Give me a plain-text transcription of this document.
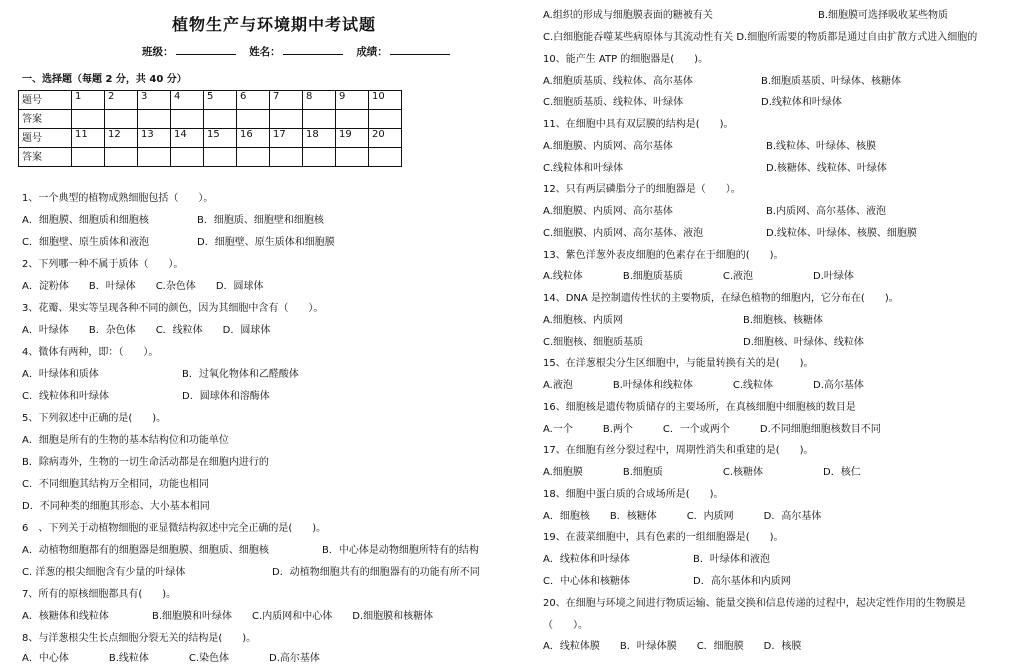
植物生产与环境期中考试题
班级：	姓名：	成绩：
一、选择题（每题 2 分，共 40 分）
题号	1	2	3	4	5	6	7	8	9	10
答案										
题号	11	12	13	14	15	16	17	18	19	20
答案										
1、一个典型的植物成熟细胞包括（　　）。
A．细胞膜、细胞质和细胞核	B．细胞质、细胞壁和细胞核
C．细胞壁、原生质体和液泡	D．细胞壁、原生质体和细胞膜
2、下列哪一种不属于质体（　　）。
A．淀粉体　　B．叶绿体　　C.杂色体　　D．圆球体
3、花瓣、果实等呈现各种不同的颜色，因为其细胞中含有（　　）。
A．叶绿体　　B．杂色体　　C．线粒体　　D．圆球体
4、微体有两种，即：（　　）。
A．叶绿体和质体	B．过氧化物体和乙醛酸体
C．线粒体和叶绿体	D．圆球体和溶酶体
5、下列叙述中正确的是(　　)。
A．细胞是所有的生物的基本结构位和功能单位
B．除病毒外，生物的一切生命活动都是在细胞内进行的
C．不同细胞其结构万全相同，功能也相同
D．不同种类的细胞其形态、大小基本相同
6　、下列关于动植物细胞的亚显微结构叙述中完全正确的是(　　)。
A．动植物细胞都有的细胞器是细胞膜、细胞质、细胞核	B．中心体是动物细胞所特有的结构
C. 洋葱的根尖细胞含有少量的叶绿体	D．动植物细胞共有的细胞器有的功能有所不同
7、所有的原核细胞都具有(　　)。
A．核糖体和线粒体	B.细胞膜和叶绿体　　C.内质网和中心体　　D.细胞膜和核糖体
8、与洋葱根尖生长点细胞分裂无关的结构是(　　)。
A．中心体　　　　B.线粒体　　　　C.染色体　　　　D.高尔基体
A.组织的形成与细胞膜表面的糖被有关	B.细胞膜可选择吸收某些物质
C.白细胞能吞噬某些病原体与其流动性有关 D.细胞所需要的物质都是通过自由扩散方式进入细胞的
10、能产生 ATP 的细胞器是(　　)。
A.细胞质基质、线粒体、高尔基体	B.细胞质基质、叶绿体、核糖体
C.细胞质基质、线粒体、叶绿体	D.线粒体和叶绿体
11、在细胞中具有双层膜的结构是(　　)。
A.细胞膜、内质网、高尔基体	B.线粒体、叶绿体、核膜
C.线粒体和叶绿体	D.核糖体、线粒体、叶绿体
12、只有两层磷脂分子的细胞器是（　　）。
A.细胞膜、内质网、高尔基体	B.内质网、高尔基体、液泡
C.细胞膜、内质网、高尔基体、液泡	D.线粒体、叶绿体、核膜、细胞膜
13、紫色洋葱外表皮细胞的色素存在于细胞的(　　)。
A.线粒体　　　　B.细胞质基质　　　　C.液泡　　　　　　D.叶绿体
14、DNA 是控制遗传性状的主要物质，在绿色植物的细胞内，它分布在(　　)。
A.细胞核、内质网	B.细胞核、核糖体
C.细胞核、细胞质基质	D.细胞核、叶绿体、线粒体
15、在洋葱根尖分生区细胞中，与能量转换有关的是(　　)。
A.液泡　　　　B.叶绿体和线粒体　　　　C.线粒体　　　　D.高尔基体
16、细胞核是遗传物质储存的主要场所，在真核细胞中细胞核的数目是
A.一个　　　B.两个　　　C．一个或两个　　　D.不同细胞细胞核数目不同
17、在细胞有丝分裂过程中，周期性消失和重建的是(　　)。
A.细胞膜　　　　B.细胞质　　　　　　C.核糖体　　　　　　D．核仁
18、细胞中蛋白质的合成场所是(　　)。
A．细胞核　　B．核糖体　　　C．内质网　　　D．高尔基体
19、在菠菜细胞中，具有色素的一组细胞器是(　　)。
A．线粒体和叶绿体	B．叶绿体和液泡
C．中心体和核糖体	D．高尔基体和内质网
20、在细胞与环境之间进行物质运输、能量交换和信息传递的过程中，起决定性作用的生物膜是
（　　）。
A．线粒体膜　　B．叶绿体膜　　C．细胞膜　　D．核膜
